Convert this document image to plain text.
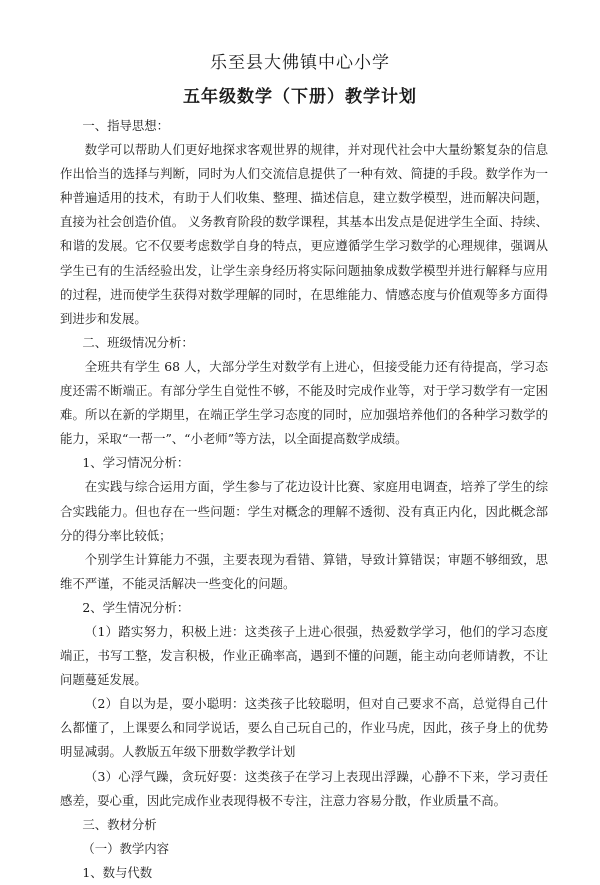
乐至县大佛镇中心小学
五年级数学（下册）教学计划

一、指导思想：

数学可以帮助人们更好地探求客观世界的规律，并对现代社会中大量纷繁复杂的信息作出恰当的选择与判断，同时为人们交流信息提供了一种有效、简捷的手段。数学作为一种普遍适用的技术，有助于人们收集、整理、描述信息，建立数学模型，进而解决问题，直接为社会创造价值。 义务教育阶段的数学课程，其基本出发点是促进学生全面、持续、和谐的发展。它不仅要考虑数学自身的特点，更应遵循学生学习数学的心理规律，强调从学生已有的生活经验出发，让学生亲身经历将实际问题抽象成数学模型并进行解释与应用的过程，进而使学生获得对数学理解的同时，在思维能力、情感态度与价值观等多方面得到进步和发展。

二、班级情况分析：

全班共有学生 68 人，大部分学生对数学有上进心，但接受能力还有待提高，学习态度还需不断端正。有部分学生自觉性不够，不能及时完成作业等，对于学习数学有一定困难。所以在新的学期里，在端正学生学习态度的同时，应加强培养他们的各种学习数学的能力，采取“一帮一”、“小老师”等方法，以全面提高数学成绩。

1、学习情况分析：

在实践与综合运用方面，学生参与了花边设计比赛、家庭用电调查，培养了学生的综合实践能力。但也存在一些问题：学生对概念的理解不透彻、没有真正内化，因此概念部分的得分率比较低；

个别学生计算能力不强，主要表现为看错、算错，导致计算错误；审题不够细致，思维不严谨，不能灵活解决一些变化的问题。

2、学生情况分析：

（1）踏实努力，积极上进：这类孩子上进心很强，热爱数学学习，他们的学习态度端正，书写工整，发言积极，作业正确率高，遇到不懂的问题，能主动向老师请教，不让问题蔓延发展。

（2）自以为是，耍小聪明：这类孩子比较聪明，但对自己要求不高，总觉得自己什么都懂了，上课要么和同学说话，要么自己玩自己的，作业马虎，因此，孩子身上的优势明显减弱。人教版五年级下册数学教学计划

（3）心浮气躁，贪玩好耍：这类孩子在学习上表现出浮躁，心静不下来，学习责任感差，耍心重，因此完成作业表现得极不专注，注意力容易分散，作业质量不高。

三、教材分析

（一）教学内容

1、数与代数
